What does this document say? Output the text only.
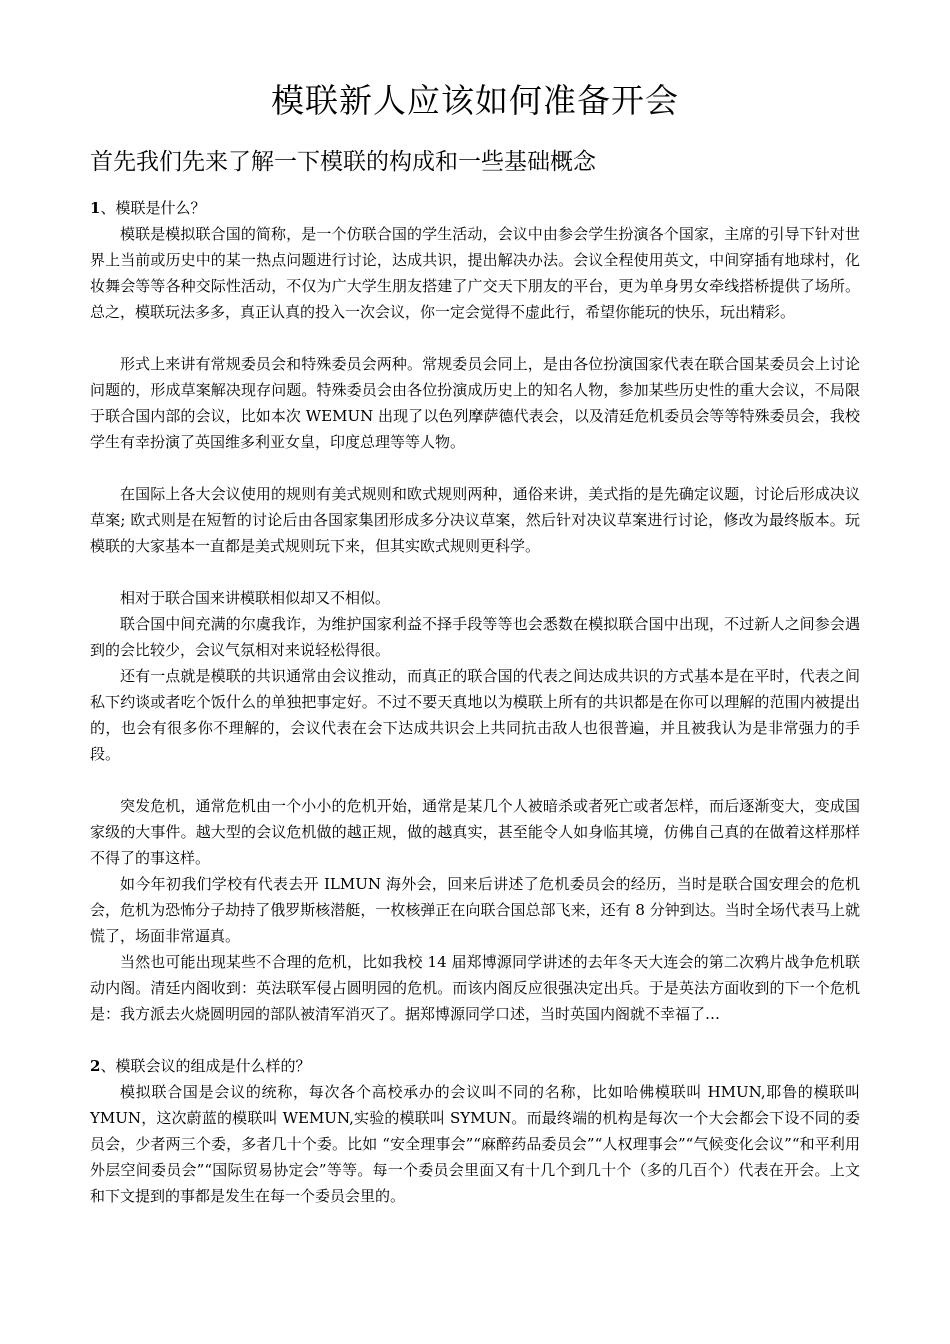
模联新人应该如何准备开会
首先我们先来了解一下模联的构成和一些基础概念

1、模联是什么？

模联是模拟联合国的简称，是一个仿联合国的学生活动，会议中由参会学生扮演各个国家，主席的引导下针对世界上当前或历史中的某一热点问题进行讨论，达成共识，提出解决办法。会议全程使用英文，中间穿插有地球村，化妆舞会等等各种交际性活动，不仅为广大学生朋友搭建了广交天下朋友的平台，更为单身男女牵线搭桥提供了场所。总之，模联玩法多多，真正认真的投入一次会议，你一定会觉得不虚此行，希望你能玩的快乐，玩出精彩。

形式上来讲有常规委员会和特殊委员会两种。常规委员会同上，是由各位扮演国家代表在联合国某委员会上讨论问题的，形成草案解决现存问题。特殊委员会由各位扮演成历史上的知名人物，参加某些历史性的重大会议，不局限于联合国内部的会议，比如本次 WEMUN 出现了以色列摩萨德代表会，以及清廷危机委员会等等特殊委员会，我校学生有幸扮演了英国维多利亚女皇，印度总理等等人物。

在国际上各大会议使用的规则有美式规则和欧式规则两种，通俗来讲，美式指的是先确定议题，讨论后形成决议草案; 欧式则是在短暂的讨论后由各国家集团形成多分决议草案，然后针对决议草案进行讨论，修改为最终版本。玩模联的大家基本一直都是美式规则玩下来，但其实欧式规则更科学。

相对于联合国来讲模联相似却又不相似。

联合国中间充满的尔虞我诈，为维护国家利益不择手段等等也会悉数在模拟联合国中出现，不过新人之间参会遇到的会比较少，会议气氛相对来说轻松得很。

还有一点就是模联的共识通常由会议推动，而真正的联合国的代表之间达成共识的方式基本是在平时，代表之间私下约谈或者吃个饭什么的单独把事定好。不过不要天真地以为模联上所有的共识都是在你可以理解的范围内被提出的，也会有很多你不理解的，会议代表在会下达成共识会上共同抗击敌人也很普遍，并且被我认为是非常强力的手段。

突发危机，通常危机由一个小小的危机开始，通常是某几个人被暗杀或者死亡或者怎样，而后逐渐变大，变成国家级的大事件。越大型的会议危机做的越正规，做的越真实，甚至能令人如身临其境，仿佛自己真的在做着这样那样不得了的事这样。

如今年初我们学校有代表去开 ILMUN 海外会，回来后讲述了危机委员会的经历，当时是联合国安理会的危机会，危机为恐怖分子劫持了俄罗斯核潜艇，一枚核弹正在向联合国总部飞来，还有 8 分钟到达。当时全场代表马上就慌了，场面非常逼真。

当然也可能出现某些不合理的危机，比如我校 14 届郑博源同学讲述的去年冬天大连会的第二次鸦片战争危机联动内阁。清廷内阁收到：英法联军侵占圆明园的危机。而该内阁反应很强决定出兵。于是英法方面收到的下一个危机是：我方派去火烧圆明园的部队被清军消灭了。据郑博源同学口述，当时英国内阁就不幸福了…

2、模联会议的组成是什么样的？

模拟联合国是会议的统称，每次各个高校承办的会议叫不同的名称，比如哈佛模联叫 HMUN,耶鲁的模联叫 YMUN，这次蔚蓝的模联叫 WEMUN,实验的模联叫 SYMUN。而最终端的机构是每次一个大会都会下设不同的委员会，少者两三个委，多者几十个委。比如 “安全理事会”“麻醉药品委员会”“人权理事会”“气候变化会议”“和平利用外层空间委员会”“国际贸易协定会”等等。每一个委员会里面又有十几个到几十个（多的几百个）代表在开会。上文和下文提到的事都是发生在每一个委员会里的。
